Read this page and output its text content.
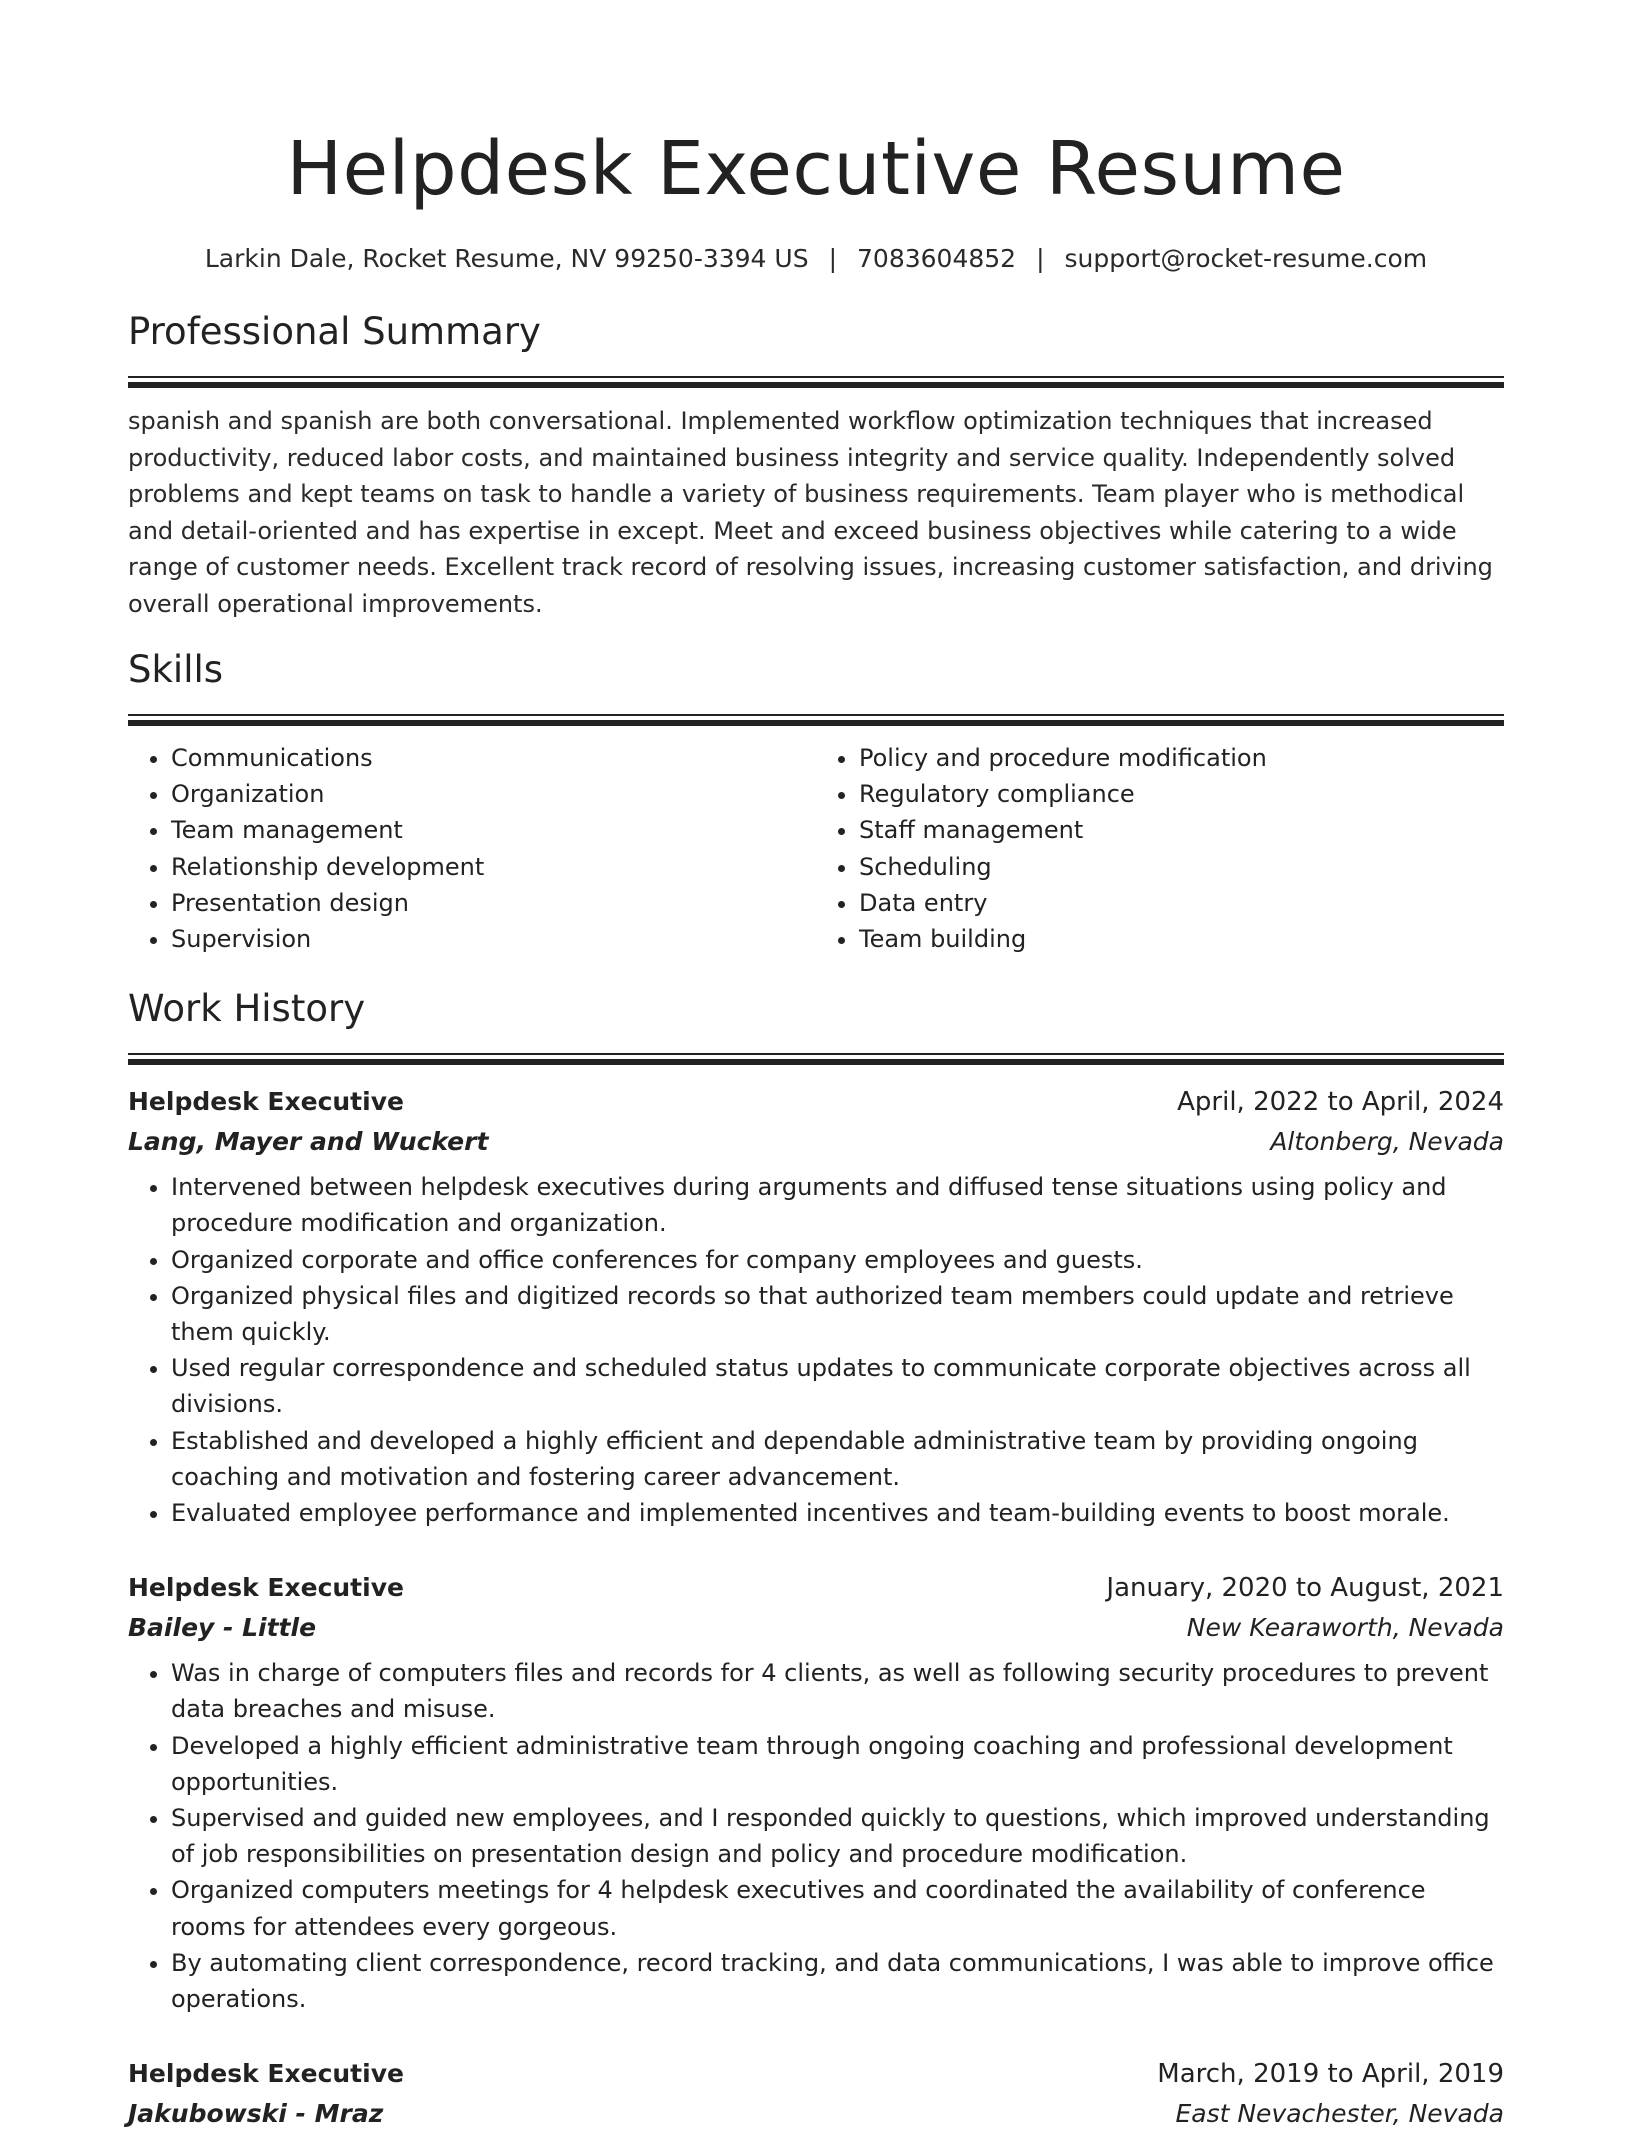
Helpdesk Executive Resume
Larkin Dale, Rocket Resume, NV 99250-3394 US | 7083604852 | support@rocket-resume.com
Professional Summary

spanish and spanish are both conversational. Implemented workflow optimization techniques that increased productivity, reduced labor costs, and maintained business integrity and service quality. Independently solved problems and kept teams on task to handle a variety of business requirements. Team player who is methodical and detail-oriented and has expertise in except. Meet and exceed business objectives while catering to a wide range of customer needs. Excellent track record of resolving issues, increasing customer satisfaction, and driving overall operational improvements.

Skills
• Communications
• Organization
• Team management
• Relationship development
• Presentation design
• Supervision
• Policy and procedure modification
• Regulatory compliance
• Staff management
• Scheduling
• Data entry
• Team building
Work History
Helpdesk Executive	April, 2022 to April, 2024
Lang, Mayer and Wuckert	Altonberg, Nevada
• Intervened between helpdesk executives during arguments and diffused tense situations using policy and procedure modification and organization.
• Organized corporate and office conferences for company employees and guests.
• Organized physical files and digitized records so that authorized team members could update and retrieve them quickly.
• Used regular correspondence and scheduled status updates to communicate corporate objectives across all divisions.
• Established and developed a highly efficient and dependable administrative team by providing ongoing coaching and motivation and fostering career advancement.
• Evaluated employee performance and implemented incentives and team-building events to boost morale.
Helpdesk Executive	January, 2020 to August, 2021
Bailey - Little	New Kearaworth, Nevada
• Was in charge of computers files and records for 4 clients, as well as following security procedures to prevent data breaches and misuse.
• Developed a highly efficient administrative team through ongoing coaching and professional development opportunities.
• Supervised and guided new employees, and I responded quickly to questions, which improved understanding of job responsibilities on presentation design and policy and procedure modification.
• Organized computers meetings for 4 helpdesk executives and coordinated the availability of conference rooms for attendees every gorgeous.
• By automating client correspondence, record tracking, and data communications, I was able to improve office operations.
Helpdesk Executive	March, 2019 to April, 2019
Jakubowski - Mraz	East Nevachester, Nevada
